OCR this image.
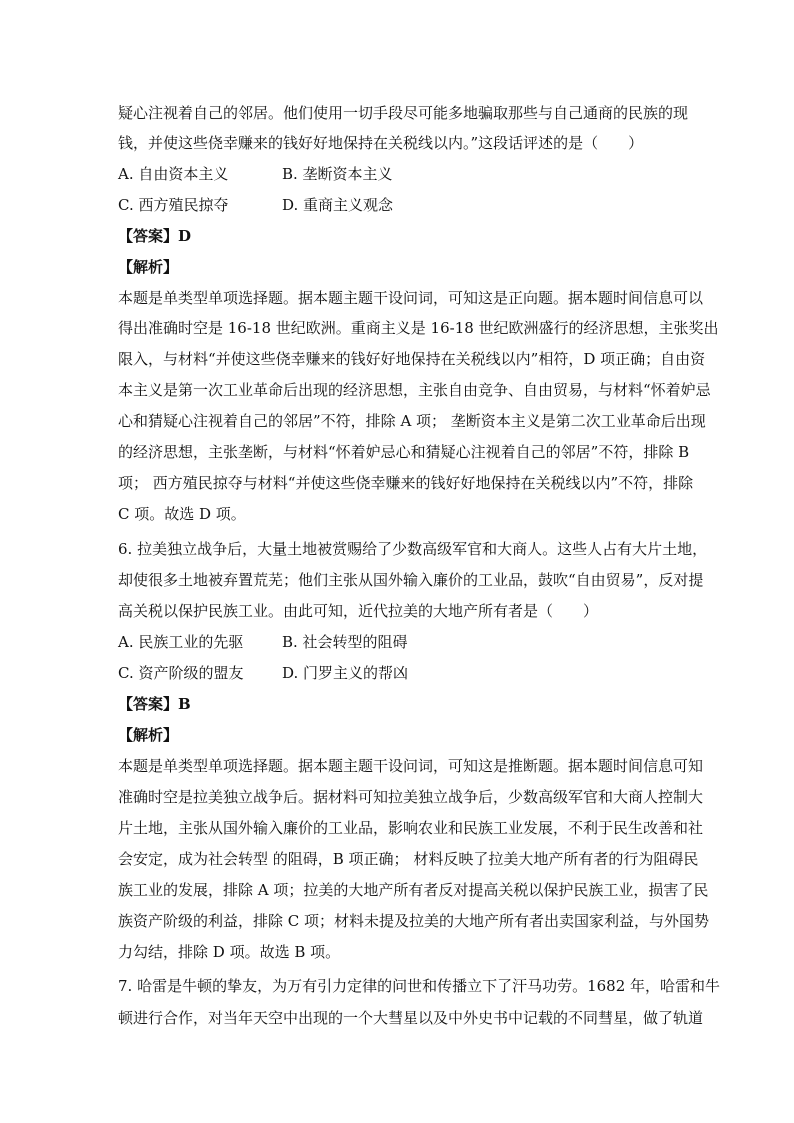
疑心注视着自己的邻居。他们使用一切手段尽可能多地骗取那些与自己通商的民族的现
钱，并使这些侥幸赚来的钱好好地保持在关税线以内。”这段话评述的是（　　）
A. 自由资本主义	B. 垄断资本主义
C. 西方殖民掠夺	D. 重商主义观念
【答案】D
【解析】
本题是单类型单项选择题。据本题主题干设问词，可知这是正向题。据本题时间信息可以
得出准确时空是 16-18 世纪欧洲。重商主义是 16-18 世纪欧洲盛行的经济思想，主张奖出
限入，与材料“并使这些侥幸赚来的钱好好地保持在关税线以内”相符，D 项正确；自由资
本主义是第一次工业革命后出现的经济思想，主张自由竞争、自由贸易，与材料“怀着妒忌
心和猜疑心注视着自己的邻居”不符，排除 A 项； 垄断资本主义是第二次工业革命后出现
的经济思想，主张垄断，与材料“怀着妒忌心和猜疑心注视着自己的邻居”不符，排除 B
项； 西方殖民掠夺与材料“并使这些侥幸赚来的钱好好地保持在关税线以内”不符，排除
C 项。故选 D 项。
6. 拉美独立战争后，大量土地被赏赐给了少数高级军官和大商人。这些人占有大片土地，
却使很多土地被弃置荒芜；他们主张从国外输入廉价的工业品，鼓吹“自由贸易”，反对提
高关税以保护民族工业。由此可知，近代拉美的大地产所有者是（　　）
A. 民族工业的先驱	B. 社会转型的阻碍
C. 资产阶级的盟友	D. 门罗主义的帮凶
【答案】B
【解析】
本题是单类型单项选择题。据本题主题干设问词，可知这是推断题。据本题时间信息可知
准确时空是拉美独立战争后。据材料可知拉美独立战争后，少数高级军官和大商人控制大
片土地，主张从国外输入廉价的工业品，影响农业和民族工业发展，不利于民生改善和社
会安定，成为社会转型 的阻碍，B 项正确； 材料反映了拉美大地产所有者的行为阻碍民
族工业的发展，排除 A 项；拉美的大地产所有者反对提高关税以保护民族工业，损害了民
族资产阶级的利益，排除 C 项；材料未提及拉美的大地产所有者出卖国家利益，与外国势
力勾结，排除 D 项。故选 B 项。
7. 哈雷是牛顿的挚友，为万有引力定律的问世和传播立下了汗马功劳。1682 年，哈雷和牛
顿进行合作，对当年天空中出现的一个大彗星以及中外史书中记载的不同彗星，做了轨道
